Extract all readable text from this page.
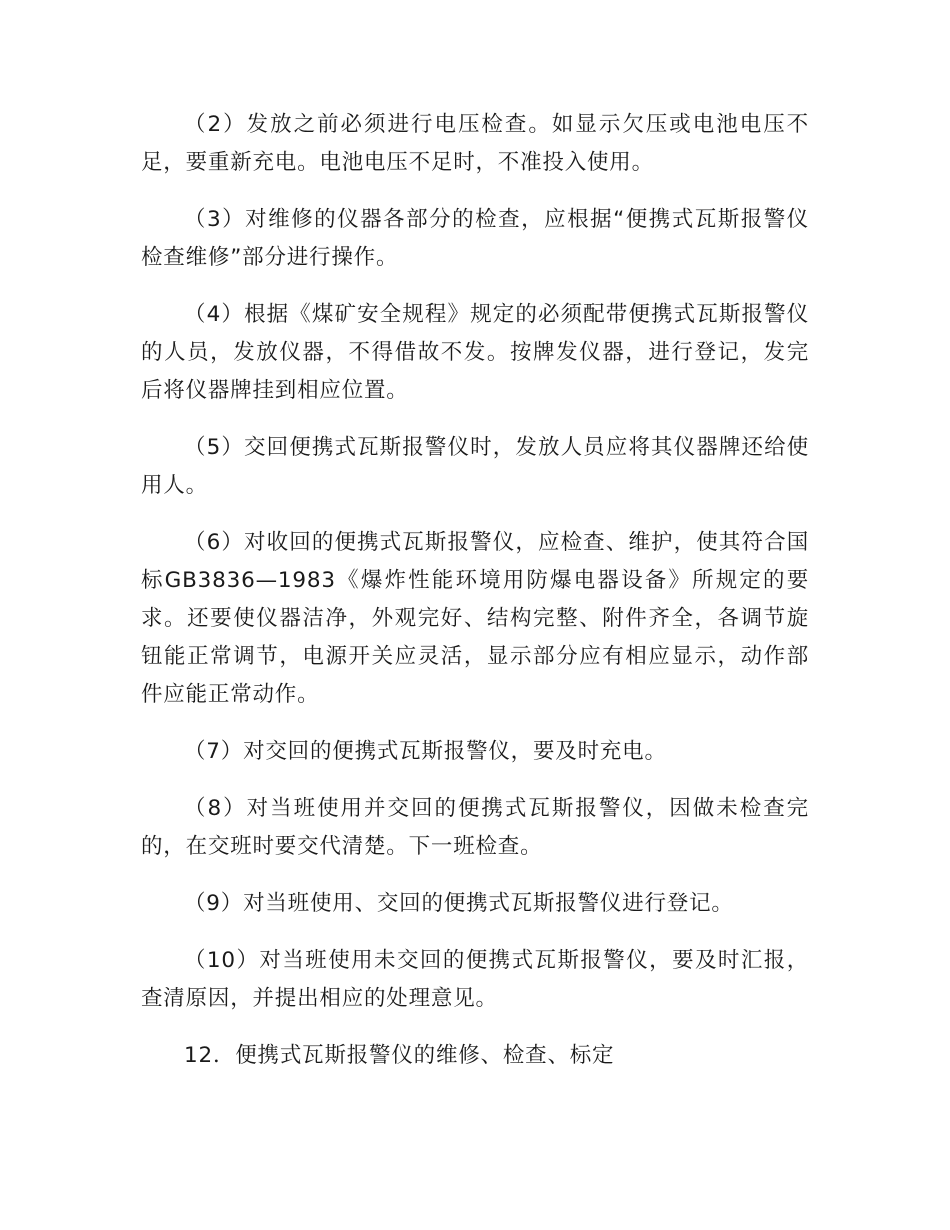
（2）发放之前必须进行电压检查。如显示欠压或电池电压不足，要重新充电。电池电压不足时，不准投入使用。

（3）对维修的仪器各部分的检查，应根据“便携式瓦斯报警仪检查维修”部分进行操作。

（4）根据《煤矿安全规程》规定的必须配带便携式瓦斯报警仪的人员，发放仪器，不得借故不发。按牌发仪器，进行登记，发完后将仪器牌挂到相应位置。

（5）交回便携式瓦斯报警仪时，发放人员应将其仪器牌还给使用人。

（6）对收回的便携式瓦斯报警仪，应检查、维护，使其符合国标GB3836—1983《爆炸性能环境用防爆电器设备》所规定的要求。还要使仪器洁净，外观完好、结构完整、附件齐全，各调节旋钮能正常调节，电源开关应灵活，显示部分应有相应显示，动作部件应能正常动作。

（7）对交回的便携式瓦斯报警仪，要及时充电。

（8）对当班使用并交回的便携式瓦斯报警仪，因做未检查完的，在交班时要交代清楚。下一班检查。

（9）对当班使用、交回的便携式瓦斯报警仪进行登记。

（10）对当班使用未交回的便携式瓦斯报警仪，要及时汇报，查清原因，并提出相应的处理意见。

12．便携式瓦斯报警仪的维修、检查、标定
